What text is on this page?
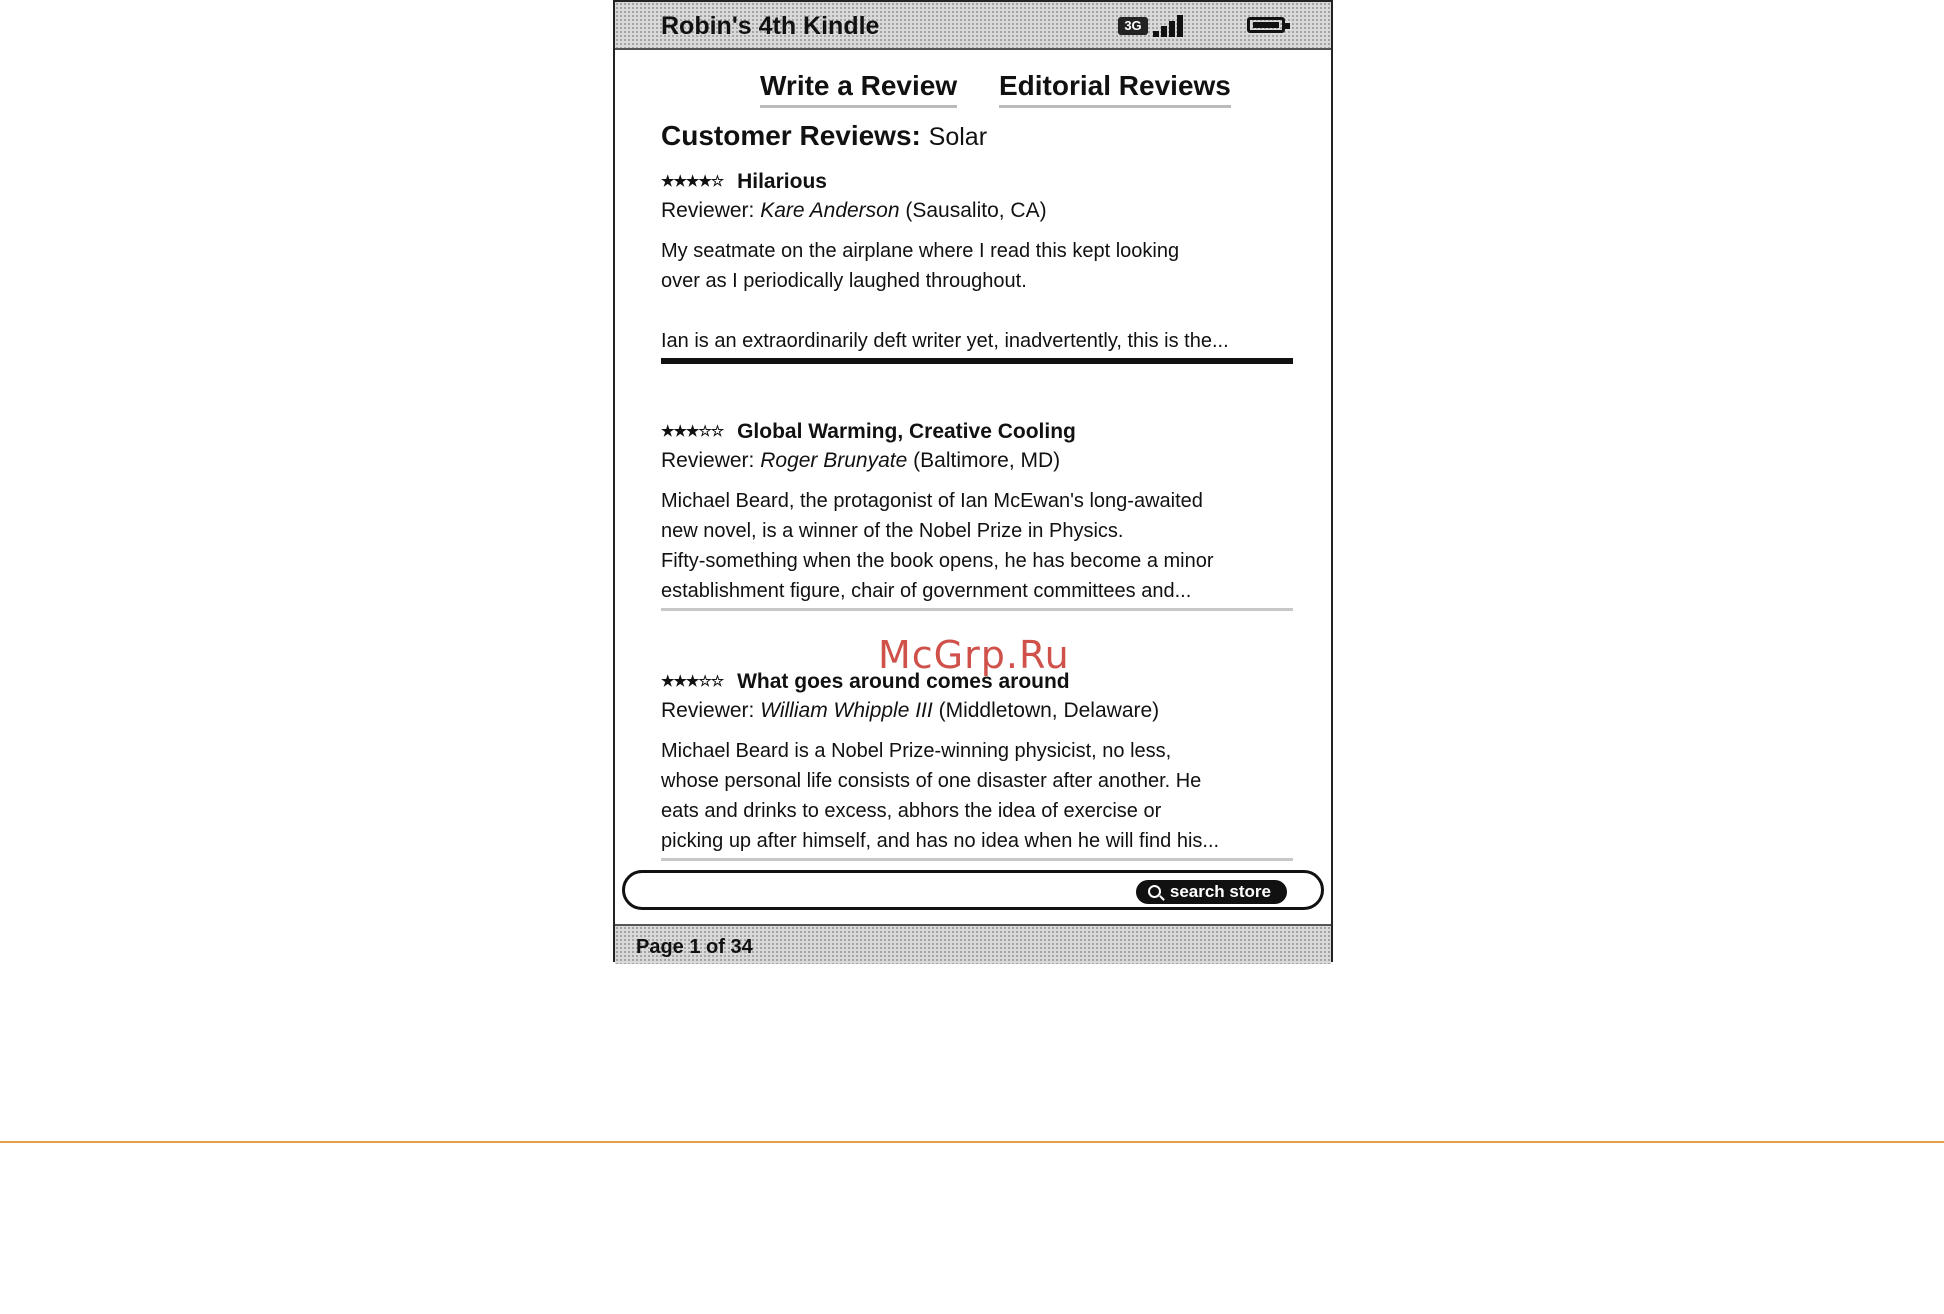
Robin's 4th Kindle	3G
Write a Review Editorial Reviews
Customer Reviews: Solar
★★★★☆ Hilarious
Reviewer: Kare Anderson (Sausalito, CA)
My seatmate on the airplane where I read this kept looking
over as I periodically laughed throughout.
Ian is an extraordinarily deft writer yet, inadvertently, this is the...
★★★☆☆ Global Warming, Creative Cooling
Reviewer: Roger Brunyate (Baltimore, MD)
Michael Beard, the protagonist of Ian McEwan's long-awaited
new novel, is a winner of the Nobel Prize in Physics.
Fifty-something when the book opens, he has become a minor
establishment figure, chair of government committees and...
★★★☆☆ What goes around comes around
Reviewer: William Whipple III (Middletown, Delaware)
Michael Beard is a Nobel Prize-winning physicist, no less,
whose personal life consists of one disaster after another. He
eats and drinks to excess, abhors the idea of exercise or
picking up after himself, and has no idea when he will find his...
search store
Page 1 of 34
McGrp.Ru
